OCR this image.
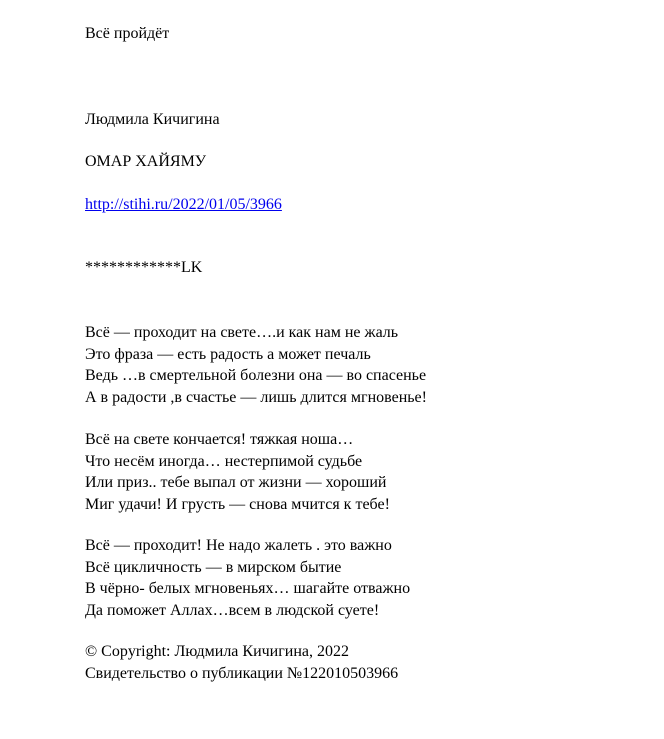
Всё пройдёт
Людмила Кичигина
ОМАР ХАЙЯМУ
http://stihi.ru/2022/01/05/3966
************LK
Всё — проходит на свете….и как нам не жаль
Это фраза — есть радость а может печаль
Ведь …в смертельной болезни она — во спасенье
А в радости ,в счастье — лишь длится мгновенье!
Всё на свете кончается! тяжкая ноша…
Что несём иногда… нестерпимой судьбе
Или приз.. тебе выпал от жизни — хороший
Миг удачи! И грусть — снова мчится к тебе!
Всё — проходит! Не надо жалеть . это важно
Всё цикличность — в мирском бытие
В чёрно- белых мгновеньях… шагайте отважно
Да поможет Аллах…всем в людской суете!
© Copyright: Людмила Кичигина, 2022
Свидетельство о публикации №122010503966
